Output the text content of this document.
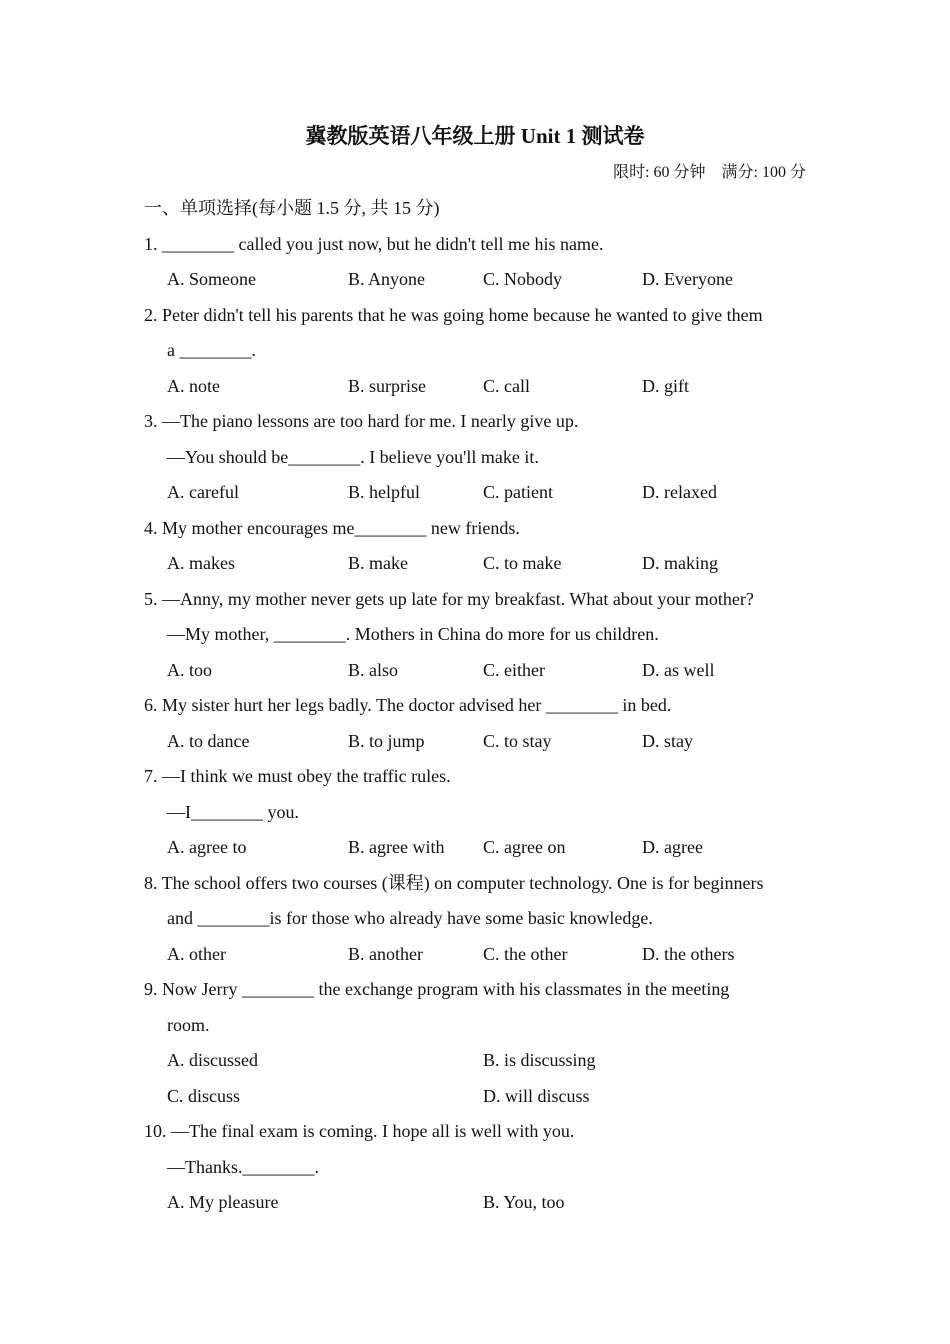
冀教版英语八年级上册 Unit 1 测试卷
限时: 60 分钟　满分: 100 分
一、单项选择(每小题 1.5 分, 共 15 分)
1. ________ called you just now, but he didn't tell me his name.
A. Someone	B. Anyone	C. Nobody	D. Everyone
2. Peter didn't tell his parents that he was going home because he wanted to give them
a ________.
A. note	B. surprise	C. call	D. gift
3. —The piano lessons are too hard for me. I nearly give up.
—You should be________. I believe you'll make it.
A. careful	B. helpful	C. patient	D. relaxed
4. My mother encourages me________ new friends.
A. makes	B. make	C. to make	D. making
5. —Anny, my mother never gets up late for my breakfast. What about your mother?
—My mother, ________. Mothers in China do more for us children.
A. too	B. also	C. either	D. as well
6. My sister hurt her legs badly. The doctor advised her ________ in bed.
A. to dance	B. to jump	C. to stay	D. stay
7. —I think we must obey the traffic rules.
—I________ you.
A. agree to	B. agree with C. agree on	D. agree
8. The school offers two courses (课程) on computer technology. One is for beginners
and ________is for those who already have some basic knowledge.
A. other	B. another	C. the other	D. the others
9. Now Jerry ________ the exchange program with his classmates in the meeting
room.
A. discussed	B. is discussing
C. discuss	D. will discuss
10. —The final exam is coming. I hope all is well with you.
—Thanks.________.
A. My pleasure	B. You, too
